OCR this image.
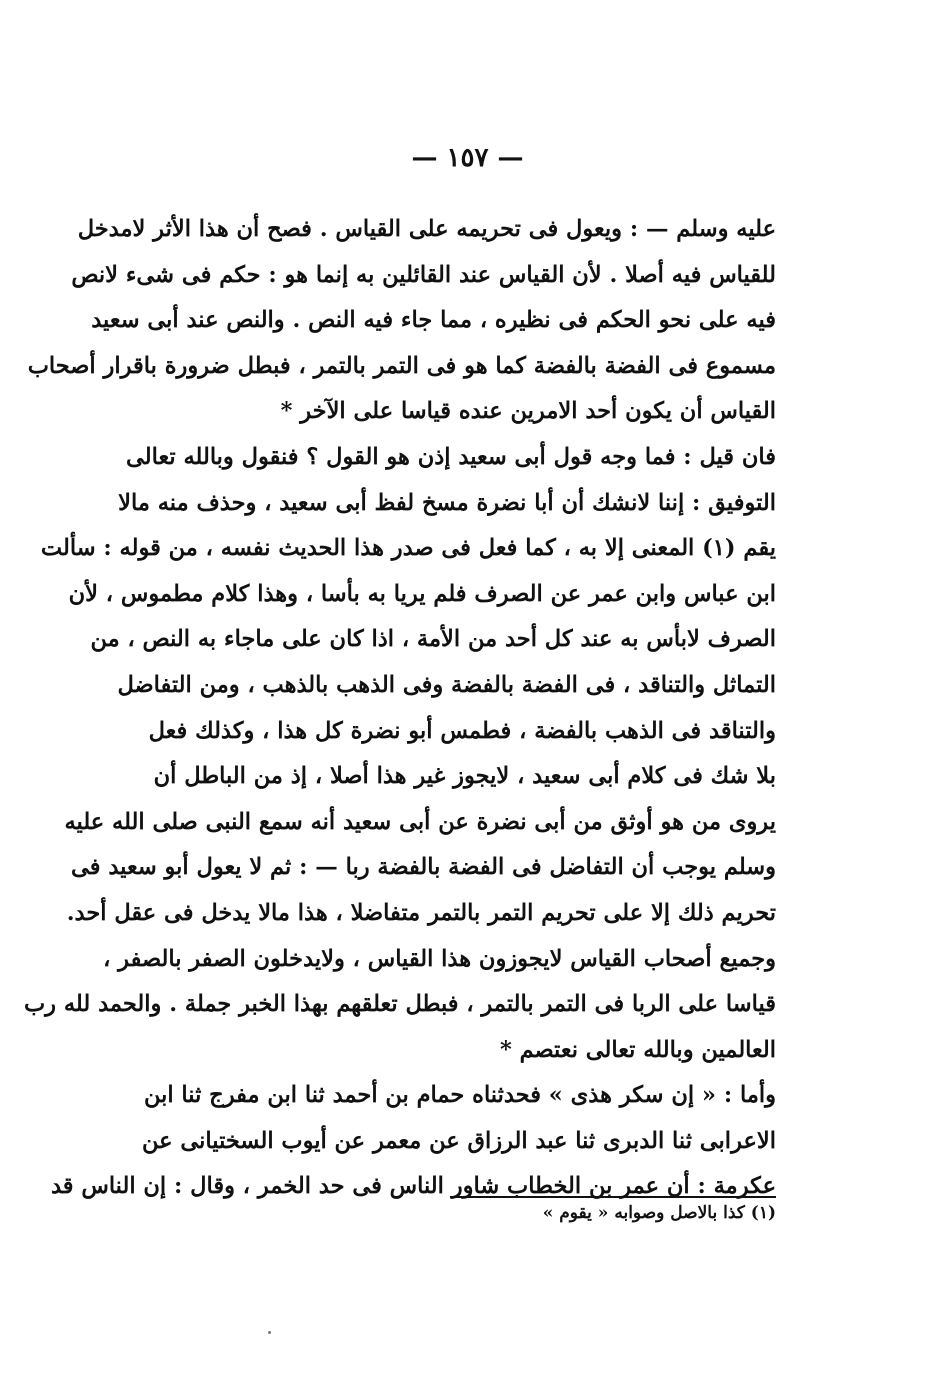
— ١٥٧ —
عليه وسلم — : ويعول فى تحريمه على القياس . فصح أن هذا الأثر لامدخل
للقياس فيه أصلا . لأن القياس عند القائلين به إنما هو : حكم فى شىء لانص
فيه على نحو الحكم فى نظيره ، مما جاء فيه النص . والنص عند أبى سعيد
مسموع فى الفضة بالفضة كما هو فى التمر بالتمر ، فبطل ضرورة باقرار أصحاب
القياس أن يكون أحد الامرين عنده قياسا على الآخر *
فان قيل : فما وجه قول أبى سعيد إذن هو القول ؟ فنقول وبالله تعالى
التوفيق : إننا لانشك أن أبا نضرة مسخ لفظ أبى سعيد ، وحذف منه مالا
يقم (١) المعنى إلا به ، كما فعل فى صدر هذا الحديث نفسه ، من قوله : سألت
ابن عباس وابن عمر عن الصرف فلم يريا به بأسا ، وهذا كلام مطموس ، لأن
الصرف لابأس به عند كل أحد من الأمة ، اذا كان على ماجاء به النص ، من
التماثل والتناقد ، فى الفضة بالفضة وفى الذهب بالذهب ، ومن التفاضل
والتناقد فى الذهب بالفضة ، فطمس أبو نضرة كل هذا ، وكذلك فعل
بلا شك فى كلام أبى سعيد ، لايجوز غير هذا أصلا ، إذ من الباطل أن
يروى من هو أوثق من أبى نضرة عن أبى سعيد أنه سمع النبى صلى الله عليه
وسلم يوجب أن التفاضل فى الفضة بالفضة ربا — : ثم لا يعول أبو سعيد فى
تحريم ذلك إلا على تحريم التمر بالتمر متفاضلا ، هذا مالا يدخل فى عقل أحد.
وجميع أصحاب القياس لايجوزون هذا القياس ، ولايدخلون الصفر بالصفر ،
قياسا على الربا فى التمر بالتمر ، فبطل تعلقهم بهذا الخبر جملة . والحمد لله رب
العالمين وبالله تعالى نعتصم *
وأما : « إن سكر هذى » فحدثناه حمام بن أحمد ثنا ابن مفرج ثنا ابن
الاعرابى ثنا الدبرى ثنا عبد الرزاق عن معمر عن أيوب السختيانى عن
عكرمة : أن عمر بن الخطاب شاور الناس فى حد الخمر ، وقال : إن الناس قد
(١) كذا بالاصل وصوابه « يقوم »
